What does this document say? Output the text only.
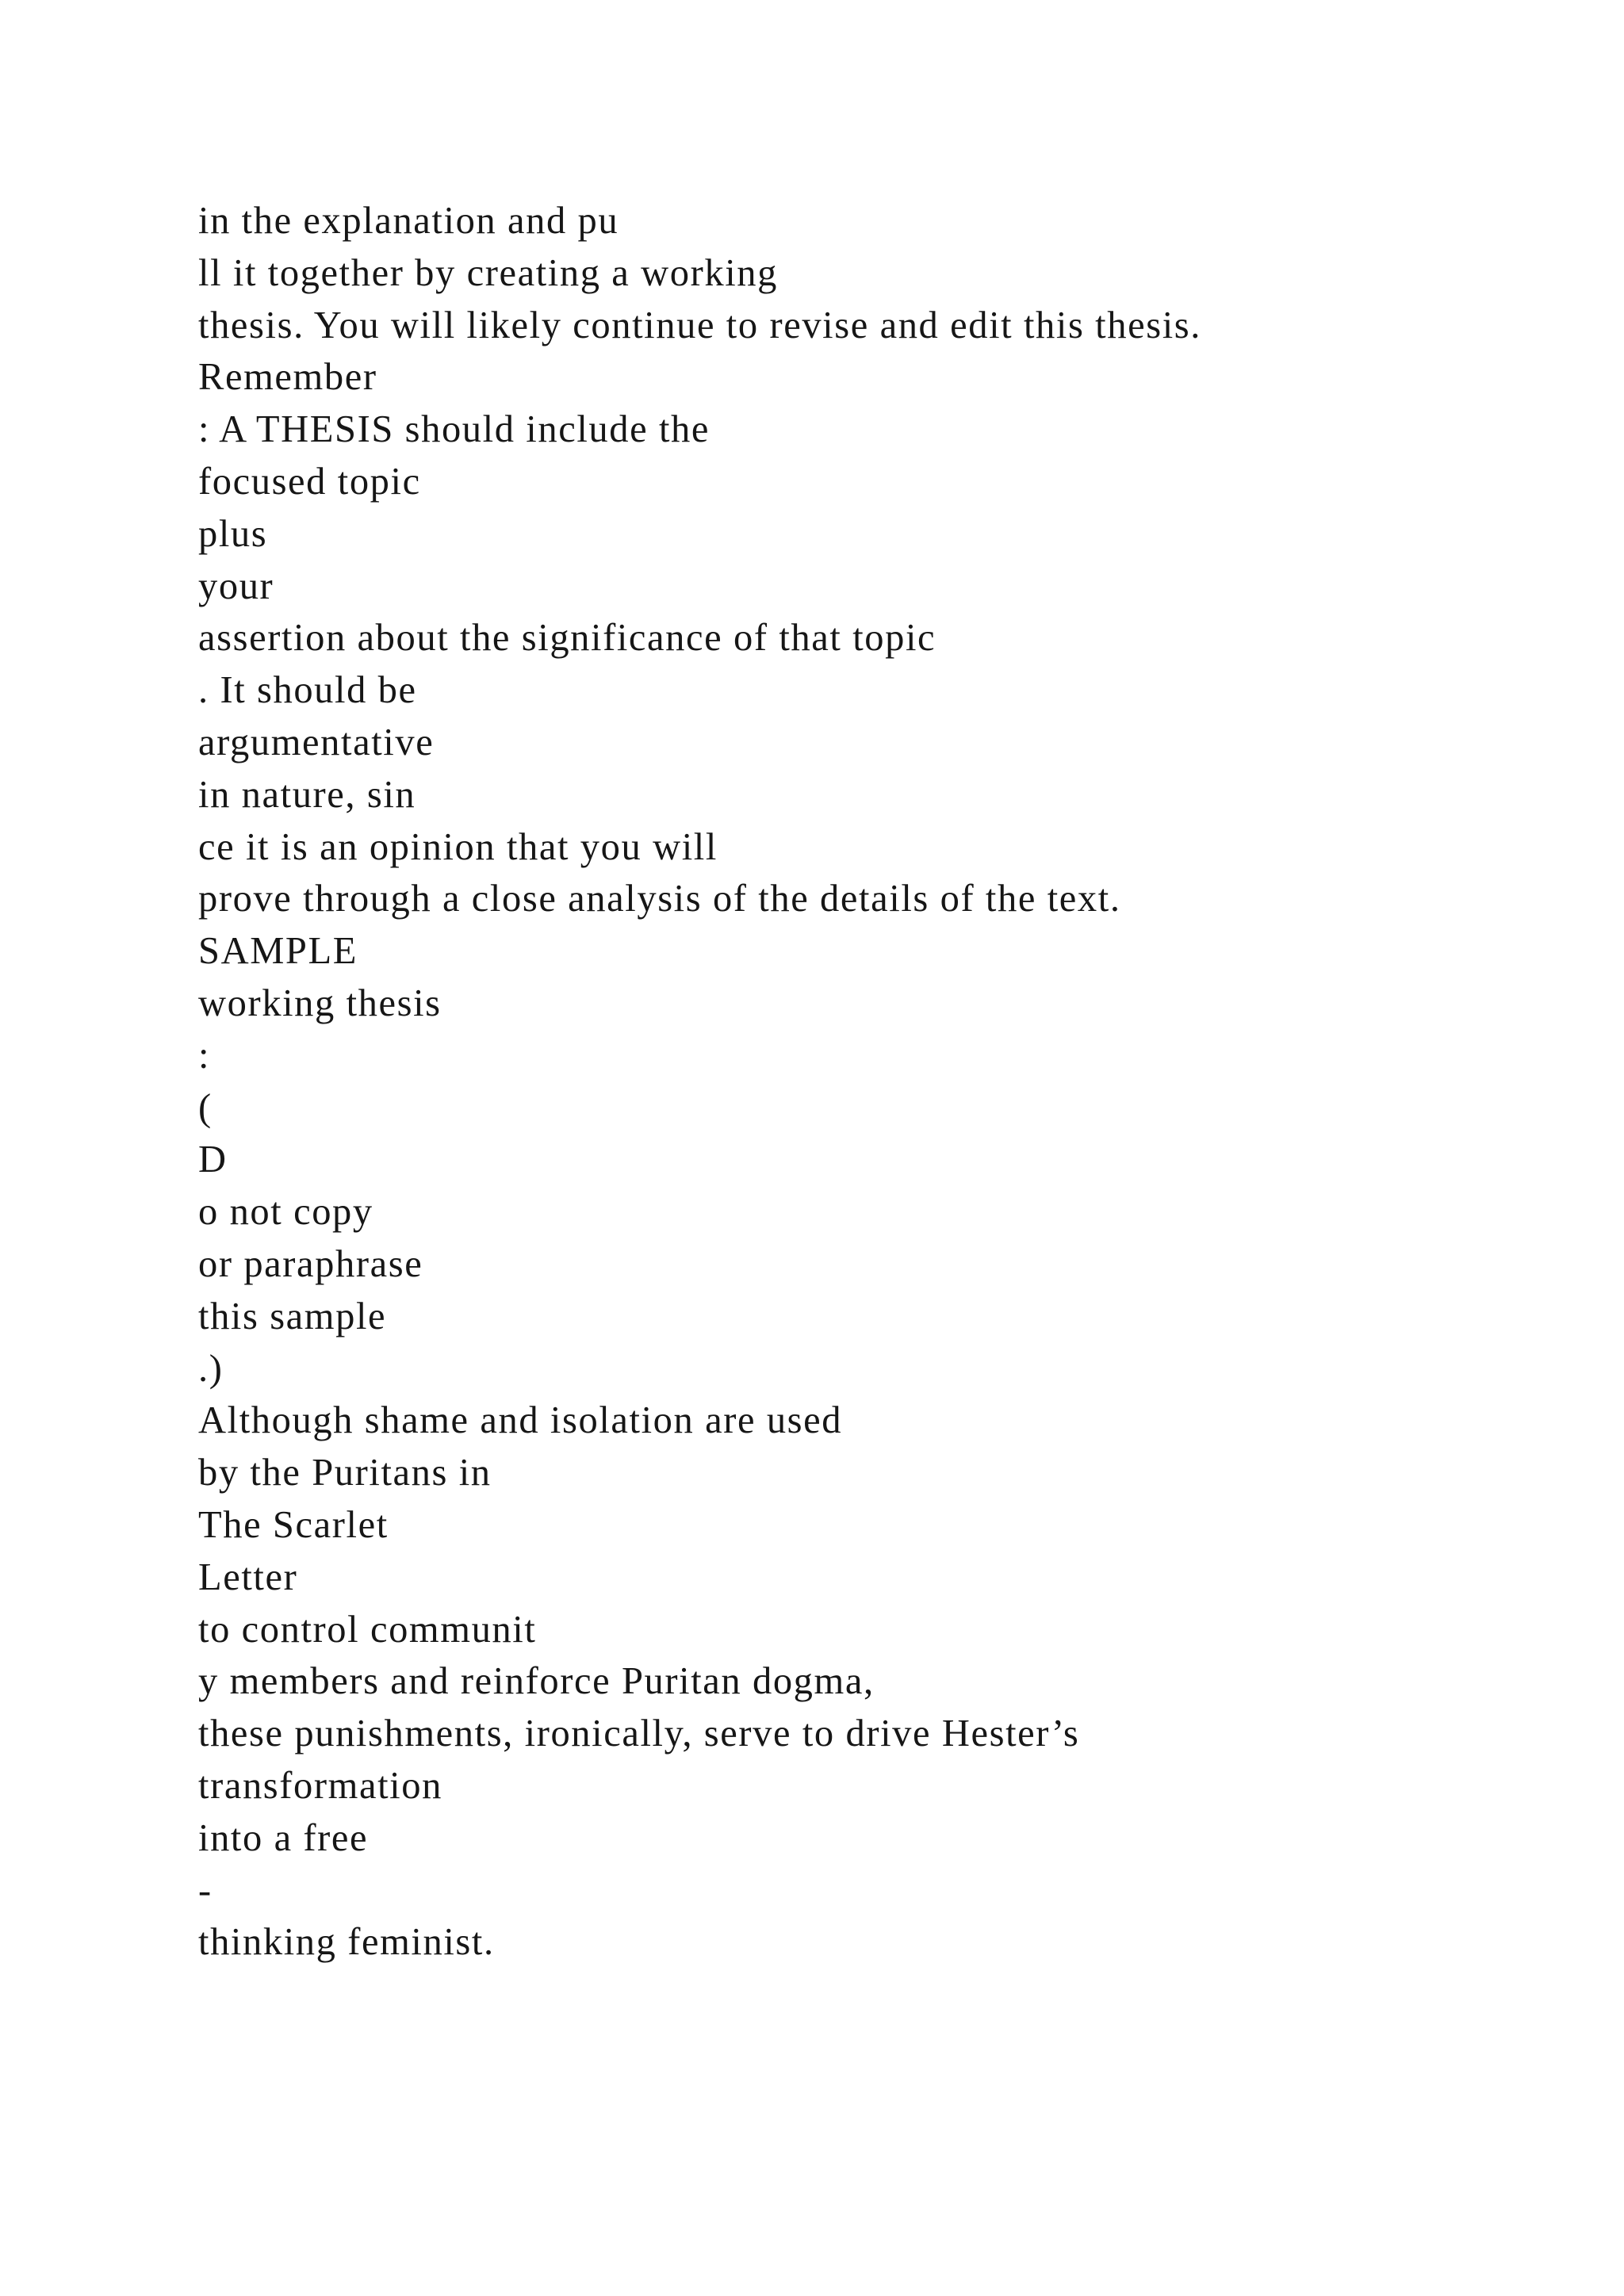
in the explanation and pu
ll it together by creating a working
thesis. You will likely continue to revise and edit this thesis.
Remember
: A THESIS should include the
focused topic
plus
your
assertion about the significance of that topic
. It should be
argumentative
in nature, sin
ce it is an opinion that you will
prove through a close analysis of the details of the text.
SAMPLE
working thesis
:
(
D
o not copy
or paraphrase
this sample
.)
Although shame and isolation are used
by the Puritans in
The Scarlet
Letter
to control communit
y members and reinforce Puritan dogma,
these punishments, ironically, serve to drive Hester’s
transformation
into a free
-
thinking feminist.
